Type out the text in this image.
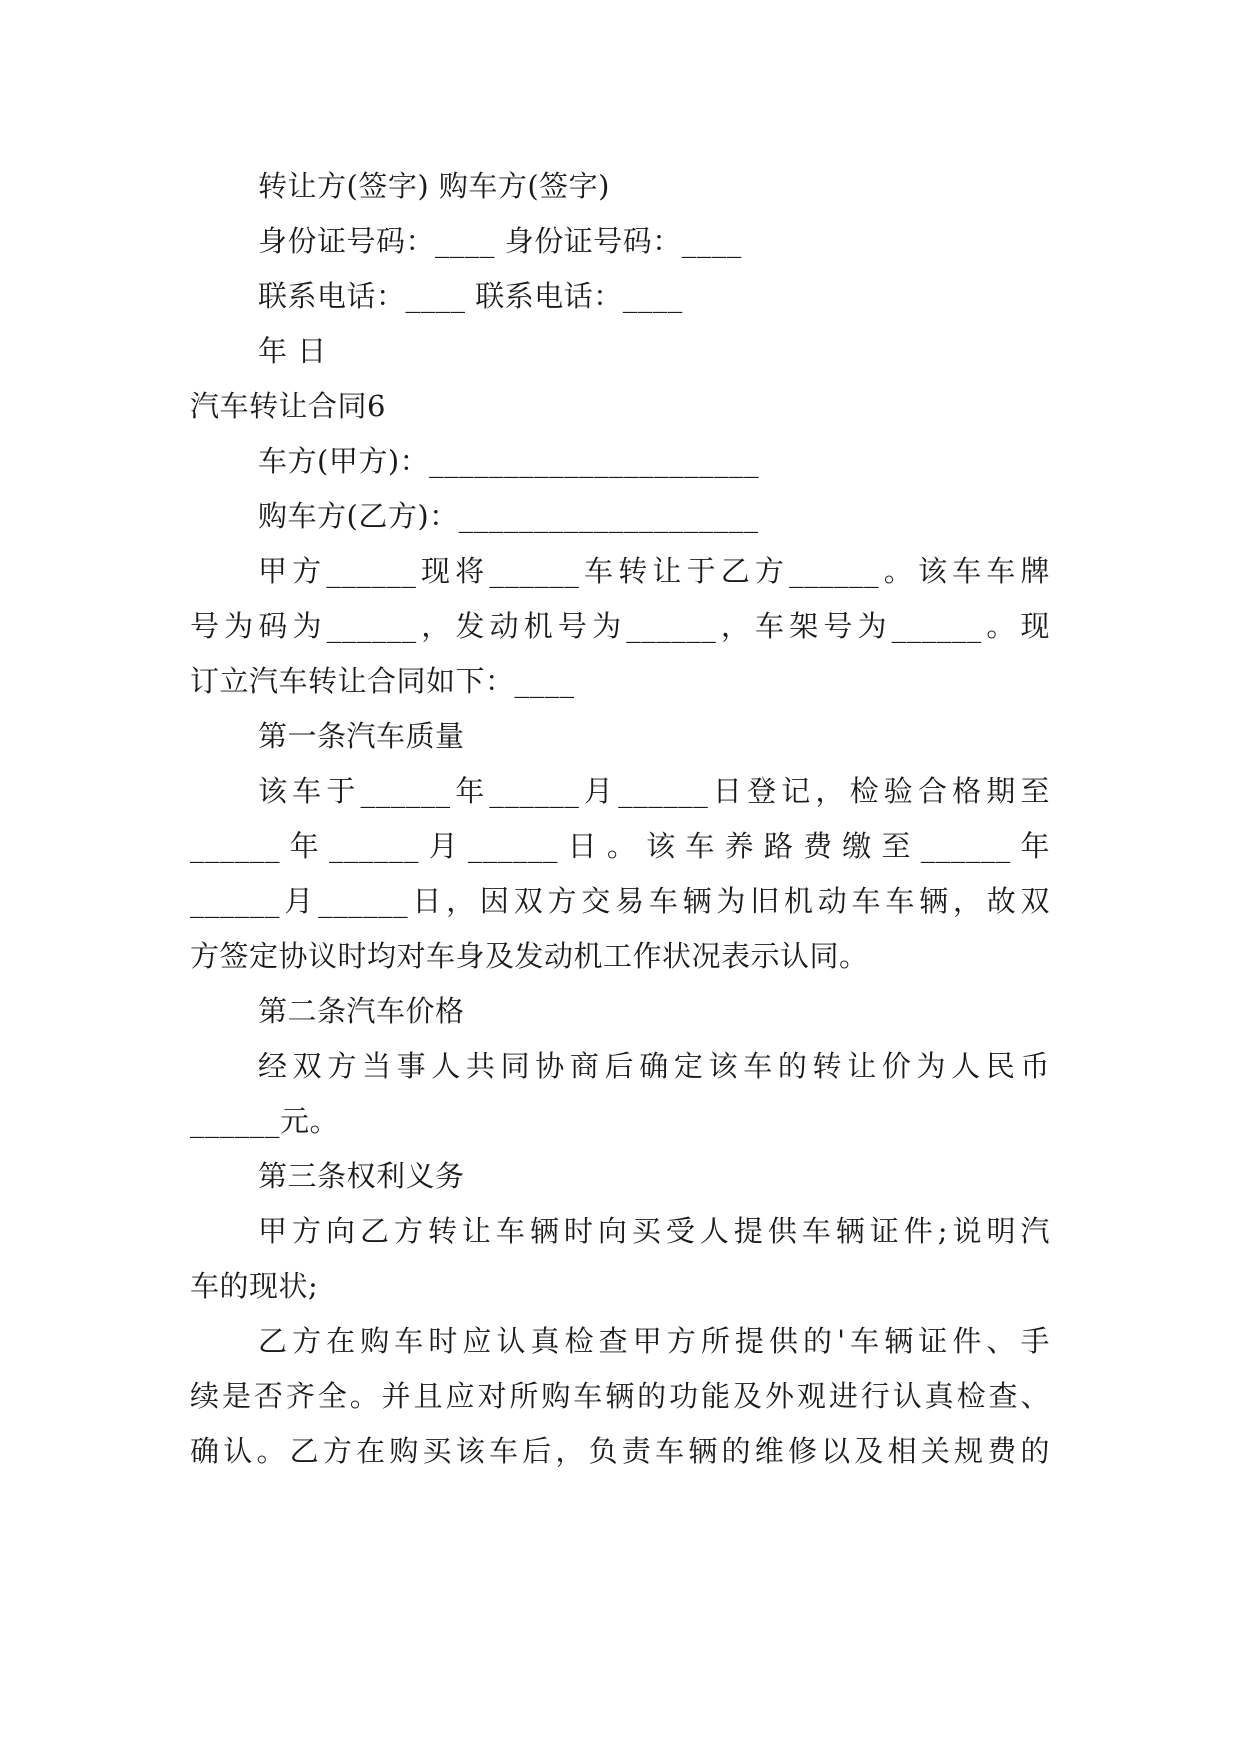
转让方(签字) 购车方(签字)
身份证号码：____ 身份证号码：____
联系电话：____ 联系电话：____
年 日
汽车转让合同6
车方(甲方)：______________________
购车方(乙方)：____________________
甲方______现将______车转让于乙方______。该车车牌
号为码为______，发动机号为______，车架号为______。现
订立汽车转让合同如下：____
第一条汽车质量
该车于______年______月______日登记，检验合格期至
______年______月______日。该车养路费缴至______年
______月______日，因双方交易车辆为旧机动车车辆，故双
方签定协议时均对车身及发动机工作状况表示认同。
第二条汽车价格
经双方当事人共同协商后确定该车的转让价为人民币
______元。
第三条权利义务
甲方向乙方转让车辆时向买受人提供车辆证件;说明汽
车的现状;
乙方在购车时应认真检查甲方所提供的'车辆证件、手
续是否齐全。并且应对所购车辆的功能及外观进行认真检查、
确认。乙方在购买该车后，负责车辆的维修以及相关规费的
